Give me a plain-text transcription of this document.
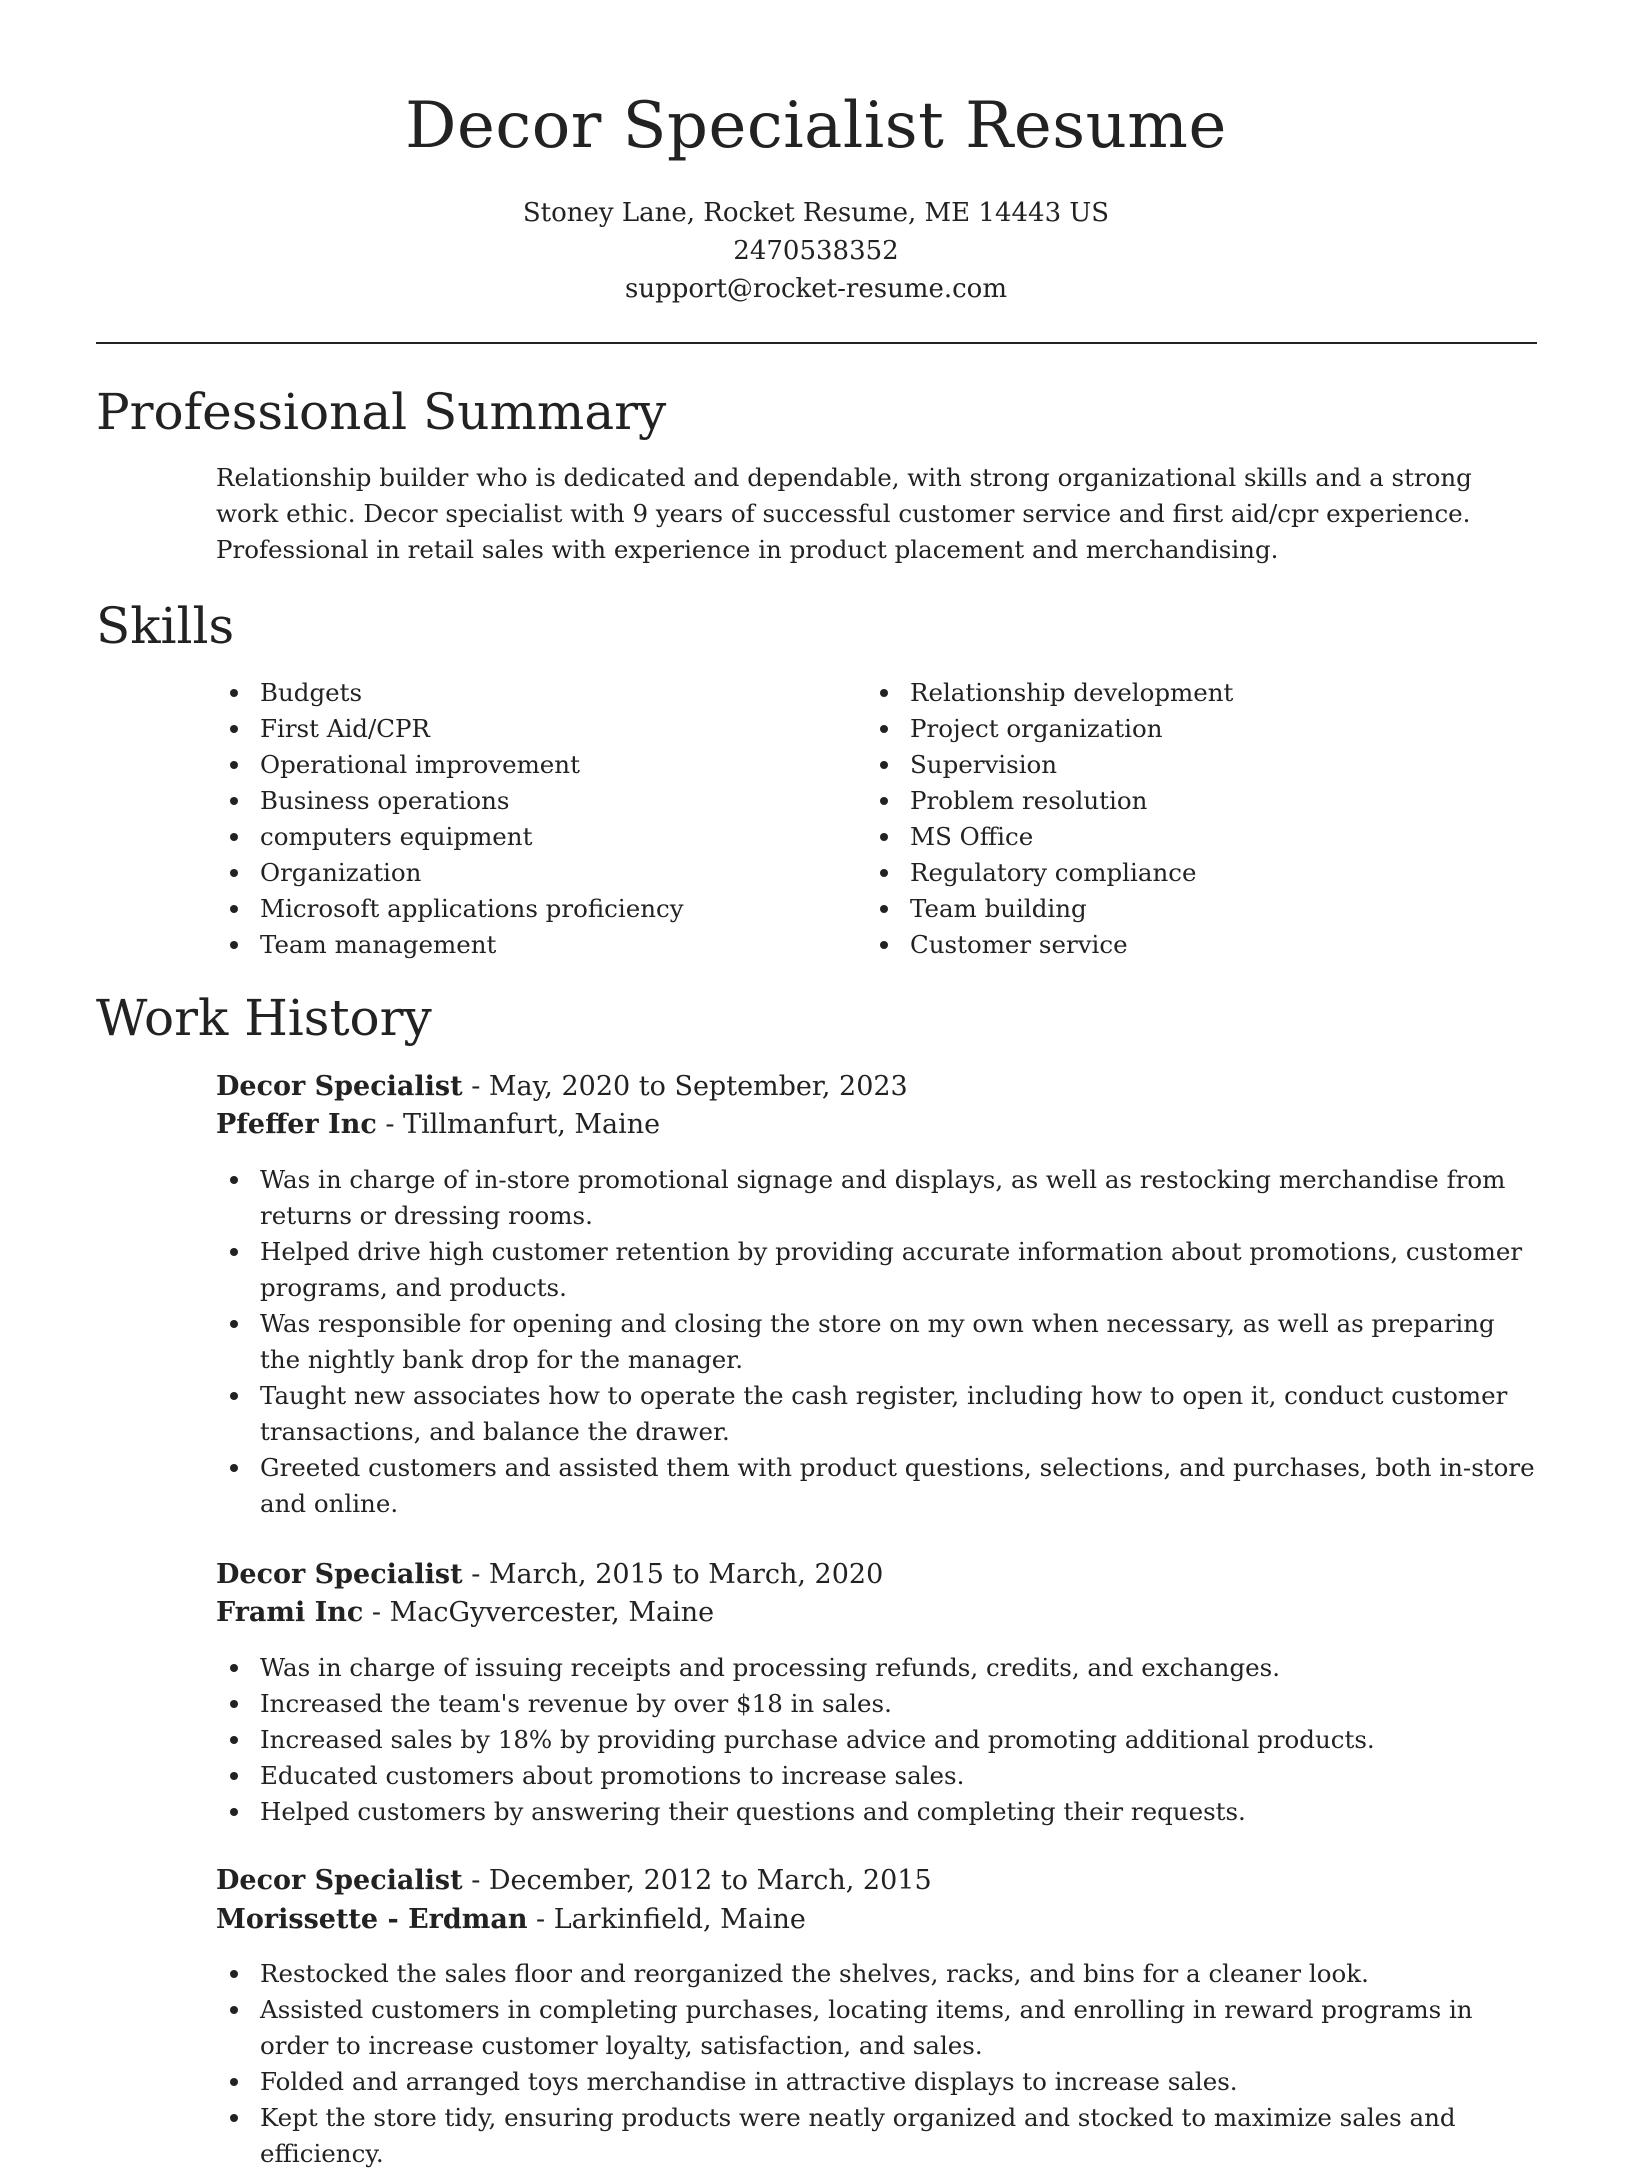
Decor Specialist Resume
Stoney Lane, Rocket Resume, ME 14443 US
2470538352
support@rocket-resume.com
Professional Summary

Relationship builder who is dedicated and dependable, with strong organizational skills and a strong work ethic. Decor specialist with 9 years of successful customer service and first aid/cpr experience. Professional in retail sales with experience in product placement and merchandising.

Skills
Budgets
First Aid/CPR
Operational improvement
Business operations
computers equipment
Organization
Microsoft applications proficiency
Team management
Relationship development
Project organization
Supervision
Problem resolution
MS Office
Regulatory compliance
Team building
Customer service
Work History
Decor Specialist - May, 2020 to September, 2023
Pfeffer Inc - Tillmanfurt, Maine
Was in charge of in-store promotional signage and displays, as well as restocking merchandise from returns or dressing rooms.
Helped drive high customer retention by providing accurate information about promotions, customer programs, and products.
Was responsible for opening and closing the store on my own when necessary, as well as preparing the nightly bank drop for the manager.
Taught new associates how to operate the cash register, including how to open it, conduct customer transactions, and balance the drawer.
Greeted customers and assisted them with product questions, selections, and purchases, both in-store and online.
Decor Specialist - March, 2015 to March, 2020
Frami Inc - MacGyvercester, Maine
Was in charge of issuing receipts and processing refunds, credits, and exchanges.
Increased the team's revenue by over $18 in sales.
Increased sales by 18% by providing purchase advice and promoting additional products.
Educated customers about promotions to increase sales.
Helped customers by answering their questions and completing their requests.
Decor Specialist - December, 2012 to March, 2015
Morissette - Erdman - Larkinfield, Maine
Restocked the sales floor and reorganized the shelves, racks, and bins for a cleaner look.
Assisted customers in completing purchases, locating items, and enrolling in reward programs in order to increase customer loyalty, satisfaction, and sales.
Folded and arranged toys merchandise in attractive displays to increase sales.
Kept the store tidy, ensuring products were neatly organized and stocked to maximize sales and efficiency.
